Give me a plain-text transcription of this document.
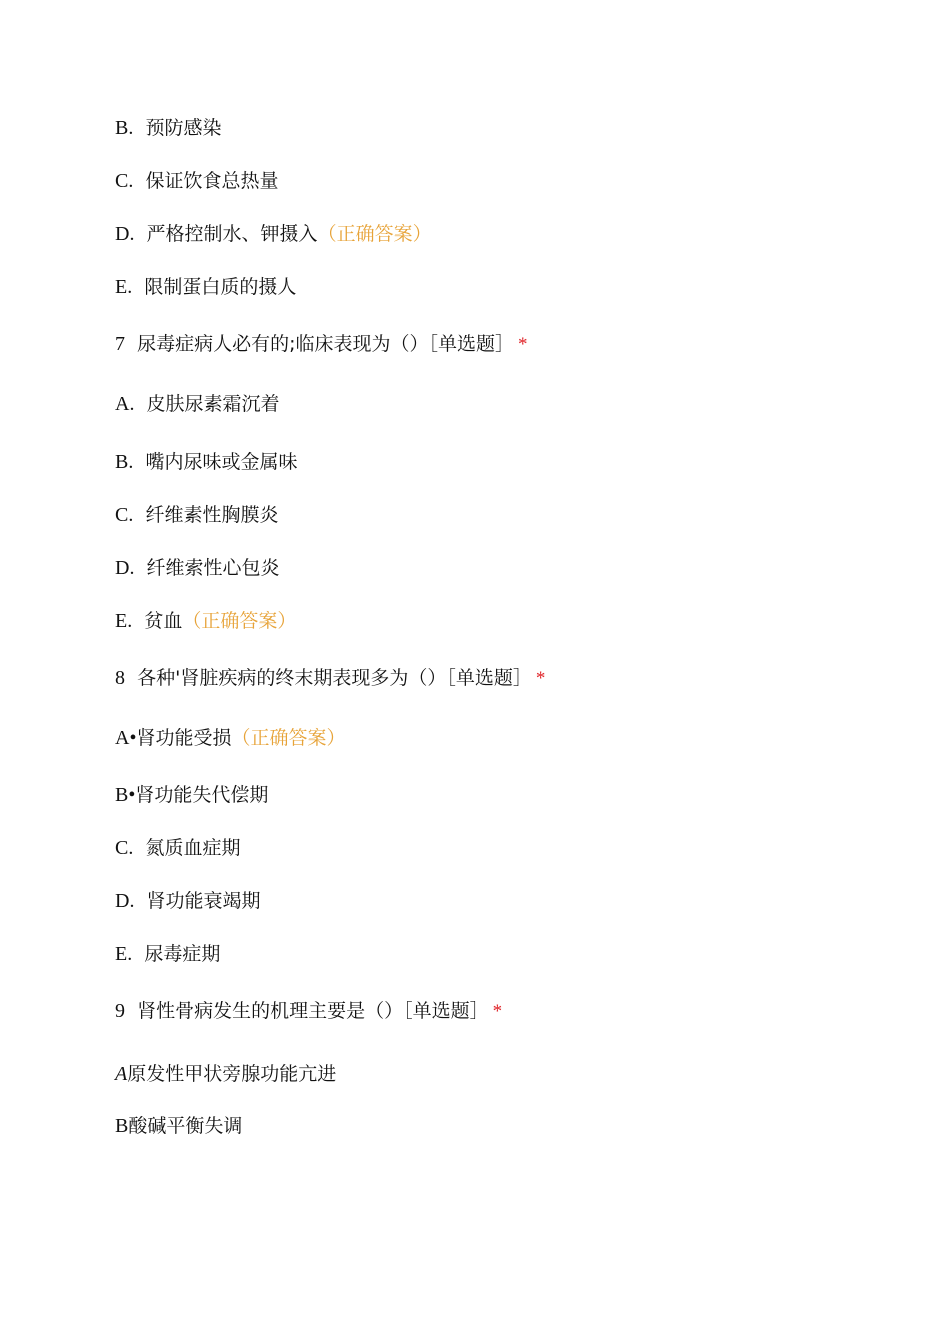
B. 预防感染
C. 保证饮食总热量
D. 严格控制水、钾摄入（正确答案）
E. 限制蛋白质的摄人
7 尿毒症病人必有的;临床表现为（）［单选题］ *
A. 皮肤尿素霜沉着
B. 嘴内尿味或金属味
C. 纤维素性胸膜炎
D. 纤维索性心包炎
E. 贫血（正确答案）
8 各种'肾脏疾病的终末期表现多为（）［单选题］ *
A•肾功能受损（正确答案）
B•肾功能失代偿期
C. 氮质血症期
D. 肾功能衰竭期
E. 尿毒症期
9 肾性骨病发生的机理主要是（）［单选题］ *
A原发性甲状旁腺功能亢进
B酸碱平衡失调
